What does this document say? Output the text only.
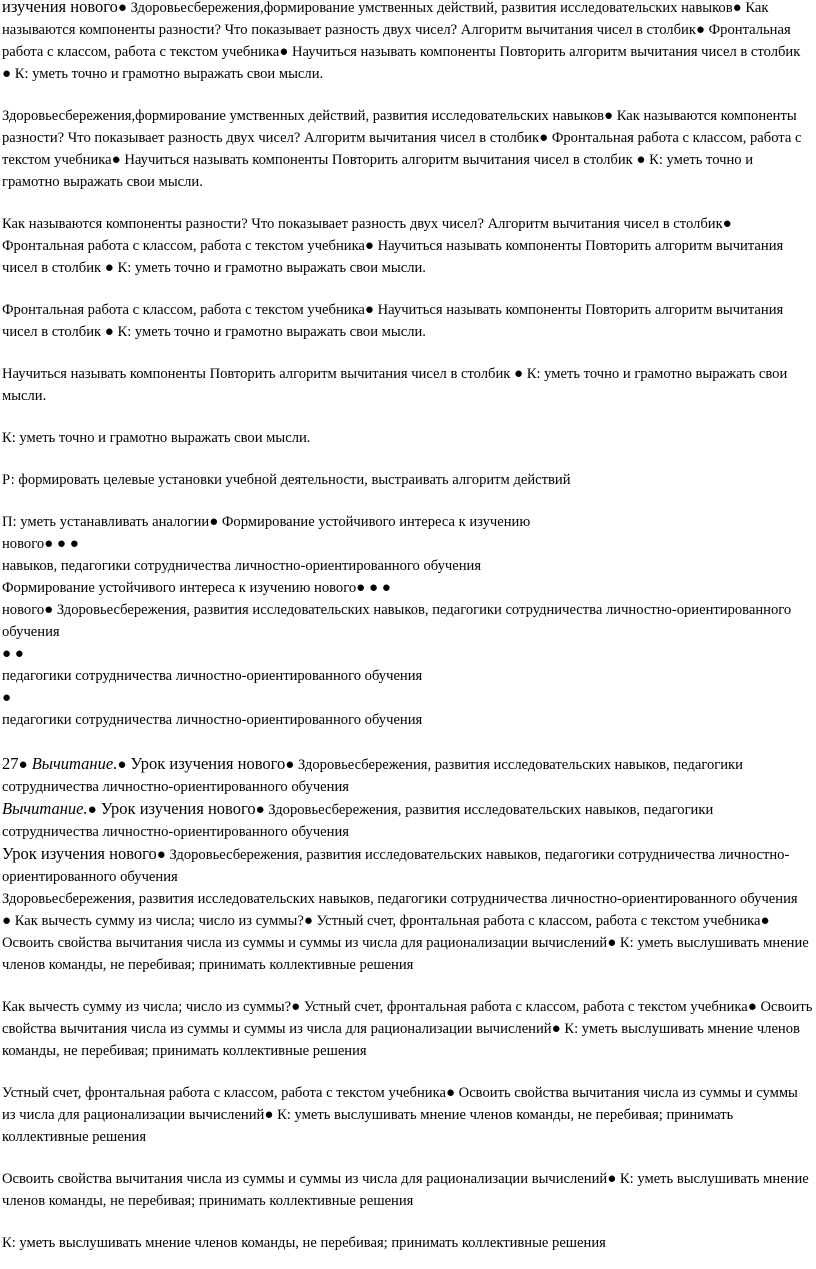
изучения нового● Здоровьесбережения,формирование умственных действий, развития исследовательских навыков● Как называются компоненты разности? Что показывает разность двух чисел? Алгоритм вычитания чисел в столбик● Фронтальная работа с классом, работа с текстом учебника● Научиться называть компоненты Повторить алгоритм вычитания чисел в столбик ● К: уметь точно и грамотно выражать свои мысли.

Здоровьесбережения,формирование умственных действий, развития исследовательских навыков● Как называются компоненты разности? Что показывает разность двух чисел? Алгоритм вычитания чисел в столбик● Фронтальная работа с классом, работа с текстом учебника● Научиться называть компоненты Повторить алгоритм вычитания чисел в столбик ● К: уметь точно и грамотно выражать свои мысли.

Как называются компоненты разности? Что показывает разность двух чисел? Алгоритм вычитания чисел в столбик● Фронтальная работа с классом, работа с текстом учебника● Научиться называть компоненты Повторить алгоритм вычитания чисел в столбик ● К: уметь точно и грамотно выражать свои мысли.

Фронтальная работа с классом, работа с текстом учебника● Научиться называть компоненты Повторить алгоритм вычитания чисел в столбик ● К: уметь точно и грамотно выражать свои мысли.

Научиться называть компоненты Повторить алгоритм вычитания чисел в столбик ● К: уметь точно и грамотно выражать свои мысли.

К: уметь точно и грамотно выражать свои мысли.

Р: формировать целевые установки учебной деятельности, выстраивать алгоритм действий

П: уметь устанавливать аналогии● Формирование устойчивого интереса к изучению

нового● ● ●

навыков, педагогики сотрудничества личностно-ориентированного обучения

Формирование устойчивого интереса к изучению нового● ● ●

нового● Здоровьесбережения, развития исследовательских навыков, педагогики сотрудничества личностно-ориентированного обучения

● ●

педагогики сотрудничества личностно-ориентированного обучения

●

педагогики сотрудничества личностно-ориентированного обучения

27● Вычитание.● Урок изучения нового● Здоровьесбережения, развития исследовательских навыков, педагогики сотрудничества личностно-ориентированного обучения

Вычитание.● Урок изучения нового● Здоровьесбережения, развития исследовательских навыков, педагогики сотрудничества личностно-ориентированного обучения

Урок изучения нового● Здоровьесбережения, развития исследовательских навыков, педагогики сотрудничества личностно-ориентированного обучения

Здоровьесбережения, развития исследовательских навыков, педагогики сотрудничества личностно-ориентированного обучения

● Как вычесть сумму из числа; число из суммы?● Устный счет, фронтальная работа с классом, работа с текстом учебника● Освоить свойства вычитания числа из суммы и суммы из числа для рационализации вычислений● К: уметь выслушивать мнение членов команды, не перебивая; принимать коллективные решения

Как вычесть сумму из числа; число из суммы?● Устный счет, фронтальная работа с классом, работа с текстом учебника● Освоить свойства вычитания числа из суммы и суммы из числа для рационализации вычислений● К: уметь выслушивать мнение членов команды, не перебивая; принимать коллективные решения

Устный счет, фронтальная работа с классом, работа с текстом учебника● Освоить свойства вычитания числа из суммы и суммы из числа для рационализации вычислений● К: уметь выслушивать мнение членов команды, не перебивая; принимать коллективные решения

Освоить свойства вычитания числа из суммы и суммы из числа для рационализации вычислений● К: уметь выслушивать мнение членов команды, не перебивая; принимать коллективные решения

К: уметь выслушивать мнение членов команды, не перебивая; принимать коллективные решения
